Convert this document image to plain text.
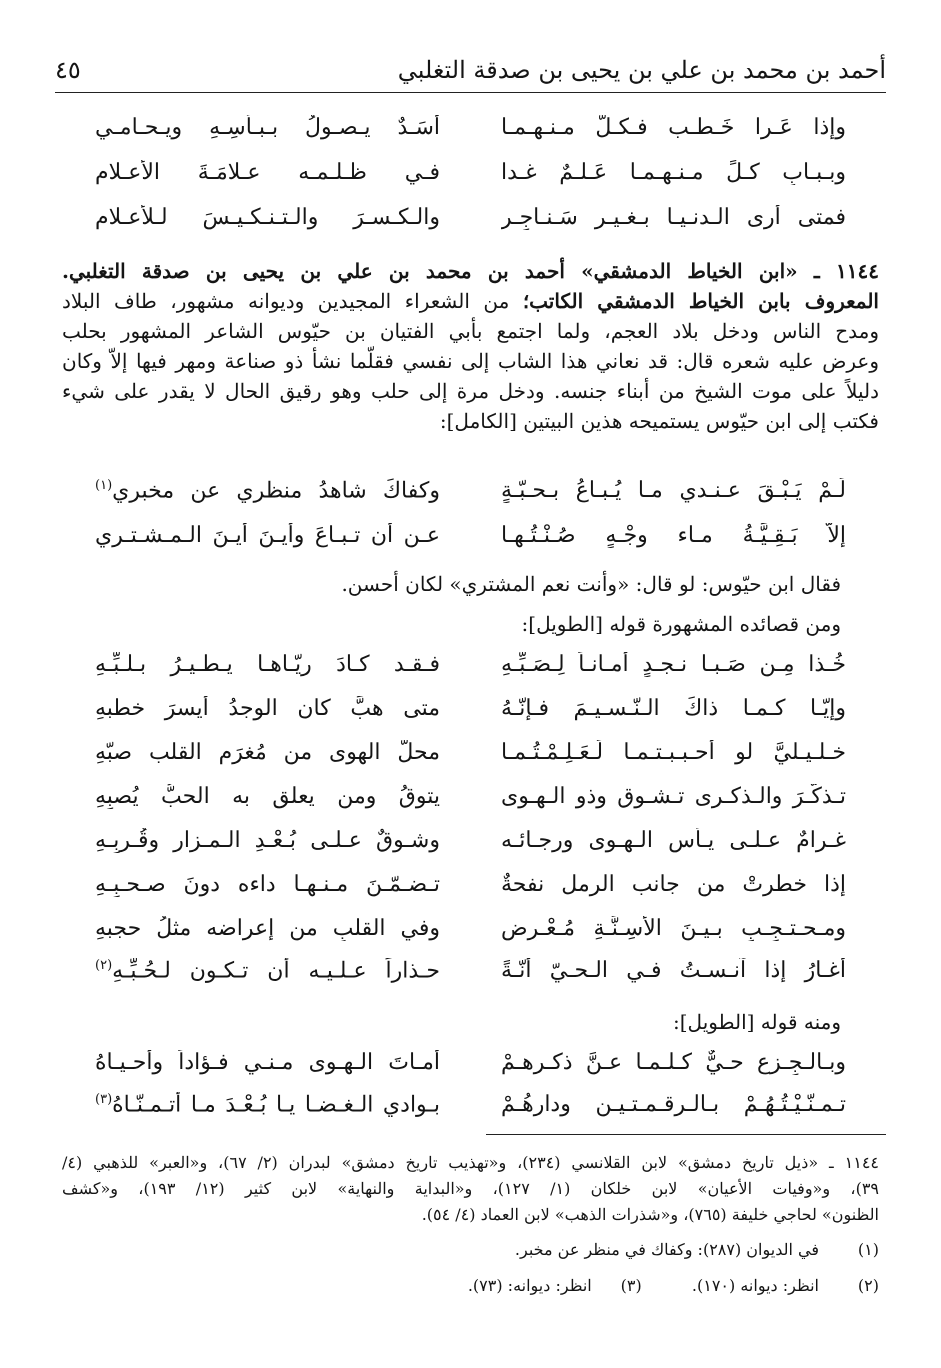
أحمد بن محمد بن علي بن يحيى بن صدقة التغلبي
٤٥
وإذا عَـرا خَـطـب فـكـلٌّ مـنـهـمـا
أسَـدٌ يـصـولُ بـبـأسِـهِ ويـحـامـي
وبـبـابِ كـلٍّ مـنـهـمـا عَـلـمٌ غـدا
فـي ظـلـمـه عـلامَـةَ الأعـلام
فمتى أرى الـدنـيـا بـغـيـرِ سَـنـاجِـرِ
والـكـسـرَ والـتـنـكـيـسَ لـلأعـلامِ
١١٤٤ ـ «ابن الخياط الدمشقي» أحمد بن محمد بن علي بن يحيى بن صدقة التغلبي.
المعروف بابن الخياط الدمشقي الكاتب؛ من الشعراء المجيدين وديوانه مشهور، طاف البلاد
ومدح الناس ودخل بلاد العجم، ولما اجتمع بأبي الفتيان بن حيّوس الشاعر المشهور بحلب
وعرض عليه شعره قال: قد نعاني هذا الشاب إلى نفسي فقلّما نشأ ذو صناعة ومهر فيها إلاّ وكان
دليلاً على موت الشيخ من أبناء جنسه. ودخل مرة إلى حلب وهو رقيق الحال لا يقدر على شيء
فكتب إلى ابن حيّوس يستميحه هذين البيتين [الكامل]:
لَـمْ يَـبْـقَ عـنـدي مـا يُـبـاعُ بـحـبّـةٍ
وكفاكَ شاهدُ منظري عن مخبري$^{(١)}$
إلاّ بَـقِـيَّـةُ مـاء وجْـهٍ صُـنْـتُـهـا
عـن أن تـبـاعَ وأيـنَ أيـنَ الـمـشـتـري
فقال ابن حيّوس: لو قال: «وأنت نعم المشتري» لكان أحسن.
ومن قصائده المشهورة قوله [الطويل]:
خُـذا مِـن صَـبـا نـجـدٍ أمـانـاً لِـصَـبِّـهِ
فـقـد كـادَ ريّـاهـا يـطـيـرُ بـلـبِّـهِ
وإيّـا كـمـا ذاكَ الـنّـسـيـمَ فـإنّـهُ
متى هبَّ كان الوجدُ أيسرَ خطبهِ
خـلـيـليَّ لو أحـبـبـتـمـا لَـعَـلِـمْـتُـمـا
محلَّ الهوى من مُغرَم القلب صبّهِ
تـذكَّـرَ والـذكـرى تـشـوق وذو الـهـوى
يتوقُ ومن يعلق به الحبُّ يُصبِهِ
غـرامٌ عـلـى يـأسِ الـهـوى ورجـائـه
وشـوقٌ عـلـى بُـعْـدِ الـمـزارِ وقُـربِـهِ
إذا خطرتْ من جانب الرمل نفحةٌ
تـضـمّـنَ مـنـهـا داءه دونَ صـحـبِـهِ
ومـحـتـجِـبٍ بـيـنَ الأسِـنَّـةِ مُـعْـرِضٍ
وفي القلبِ من إعراضه مثلُ حجبهِ
أغـارُ إذا آنـسـتُ فـي الـحـيّ أنّـةً
حـذاراً عـلـيـه أن تـكـون لـحُـبِّـهِ$^{(٢)}$
ومنه قوله [الطويل]:
وبـالـجِـزعِ حـيٌّ كـلـمـا عـنَّ ذكـرهـمْ
أمـاتَ الـهـوى مـنـي فـؤاداً وأحـيـاهُ
تـمـنّـيْـتُـهُـمْ بـالـرقـمـتـيـنِ ودارهُـمْ
بـوادي الـغـضـا يـا بُـعْـدَ مـا أتـمـنّـاهُ$^{(٣)}$
١١٤٤ ـ «ذيل تاريخ دمشق» لابن القلانسي (٢٣٤)، و«تهذيب تاريخ دمشق» لبدران (٢/ ٦٧)، و«العبر» للذهبي (٤/
٣٩)، و«وفيات الأعيان» لابن خلكان (١/ ١٢٧)، و«البداية والنهاية» لابن كثير (١٢/ ١٩٣)، و«كشف
الظنون» لحاجي خليفة (٧٦٥)، و«شذرات الذهب» لابن العماد (٤/ ٥٤).
(١)في الديوان (٢٨٧): وكفاك في منظر عن مخبر.
(٢)انظر: ديوانه (١٧٠).  (٣)انظر: ديوانه: (٧٣).
